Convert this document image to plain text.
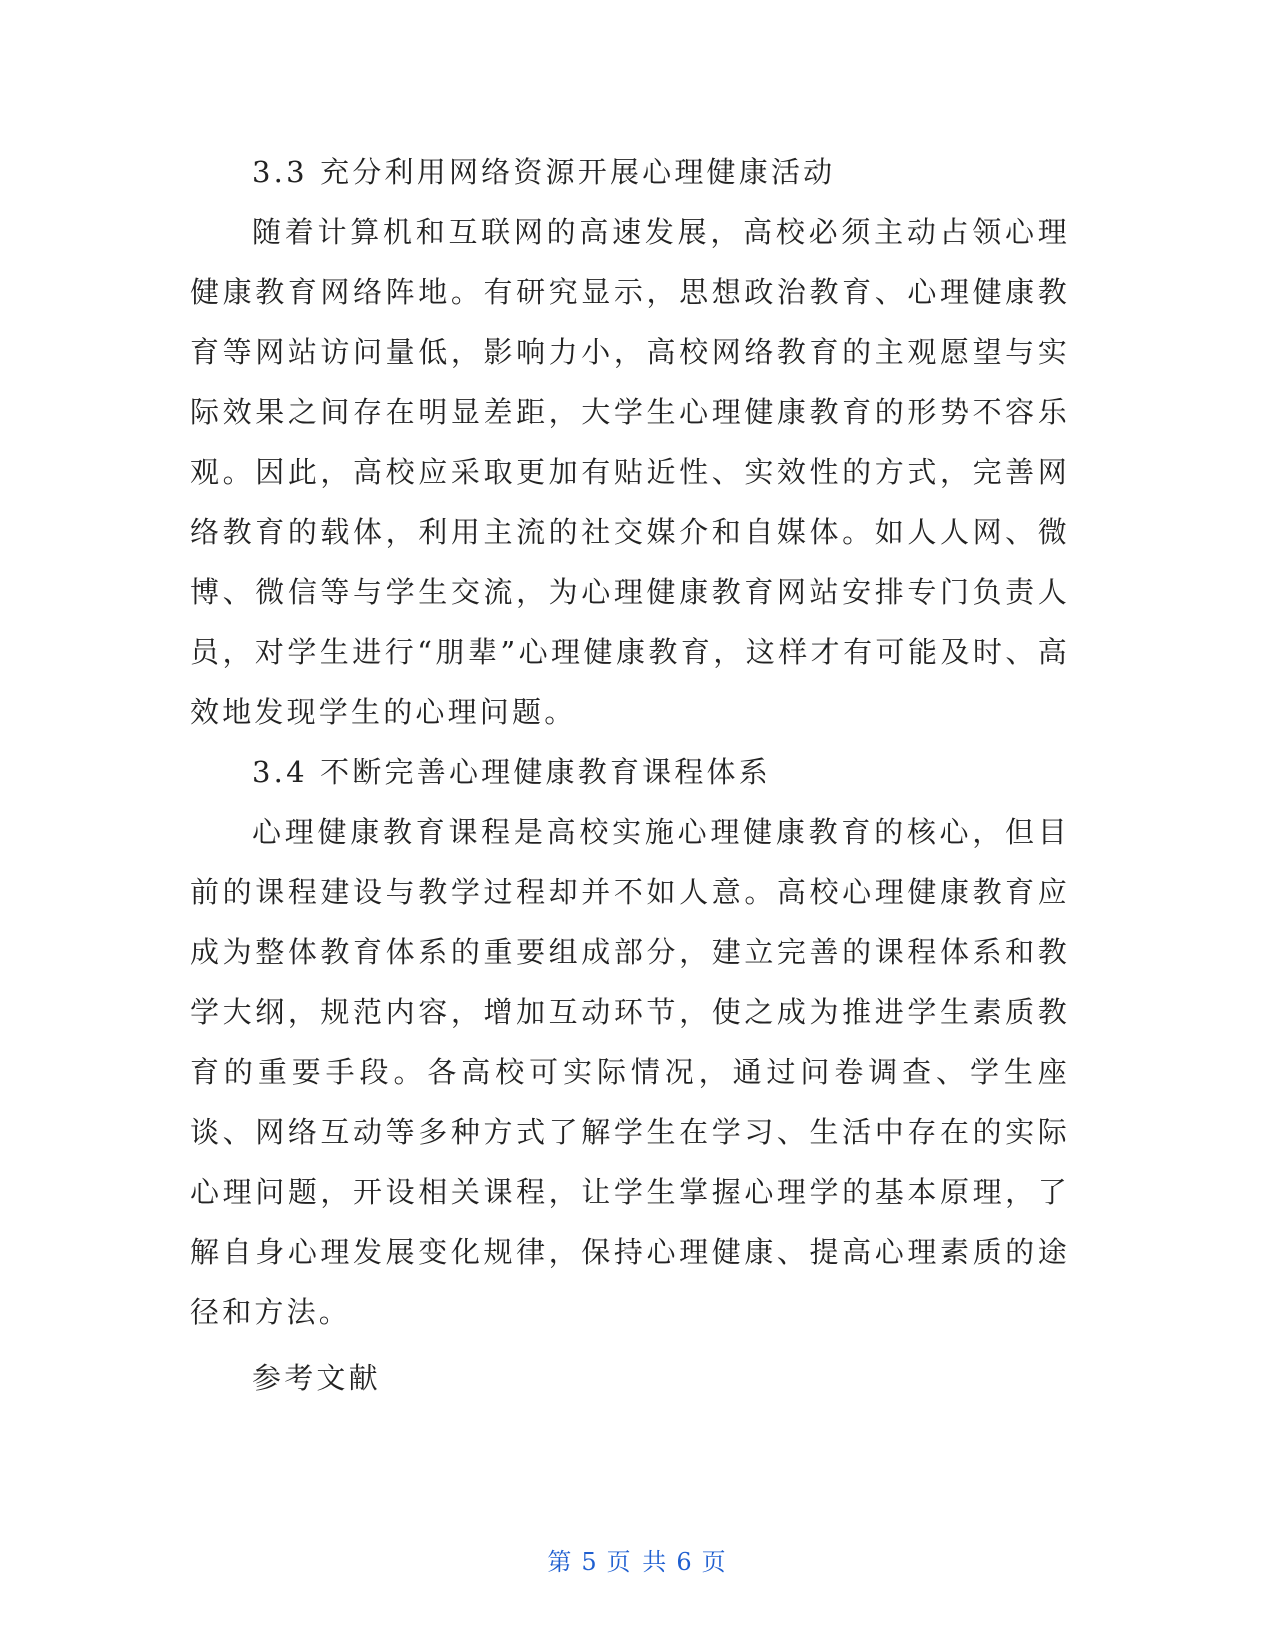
3.3 充分利用网络资源开展心理健康活动

随着计算机和互联网的高速发展，高校必须主动占领心理健康教育网络阵地。有研究显示，思想政治教育、心理健康教育等网站访问量低，影响力小，高校网络教育的主观愿望与实际效果之间存在明显差距，大学生心理健康教育的形势不容乐观。因此，高校应采取更加有贴近性、实效性的方式，完善网络教育的载体，利用主流的社交媒介和自媒体。如人人网、微博、微信等与学生交流，为心理健康教育网站安排专门负责人员，对学生进行“朋辈”心理健康教育，这样才有可能及时、高效地发现学生的心理问题。

3.4 不断完善心理健康教育课程体系

心理健康教育课程是高校实施心理健康教育的核心，但目前的课程建设与教学过程却并不如人意。高校心理健康教育应成为整体教育体系的重要组成部分，建立完善的课程体系和教学大纲，规范内容，增加互动环节，使之成为推进学生素质教育的重要手段。各高校可实际情况，通过问卷调查、学生座谈、网络互动等多种方式了解学生在学习、生活中存在的实际心理问题，开设相关课程，让学生掌握心理学的基本原理，了解自身心理发展变化规律，保持心理健康、提高心理素质的途径和方法。

参考文献

第 5 页 共 6 页
